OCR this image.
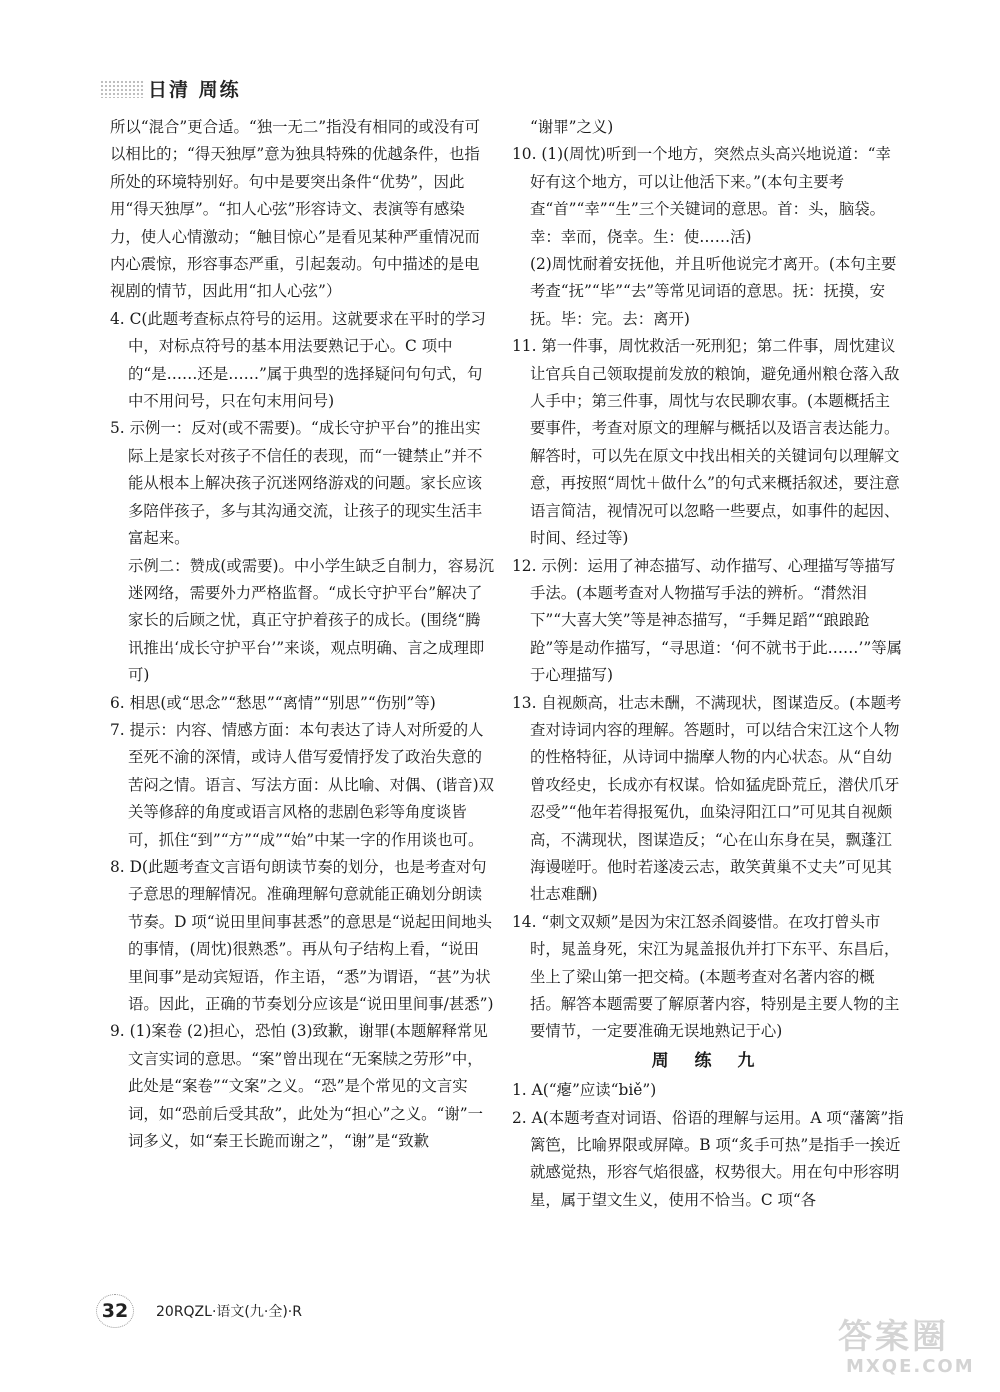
日清 周练

所以“混合”更合适。“独一无二”指没有相同的或没有可以相比的；“得天独厚”意为独具特殊的优越条件，也指所处的环境特别好。句中是要突出条件“优势”，因此用“得天独厚”。“扣人心弦”形容诗文、表演等有感染力，使人心情激动；“触目惊心”是看见某种严重情况而内心震惊，形容事态严重，引起轰动。句中描述的是电视剧的情节，因此用“扣人心弦”）

4. C(此题考查标点符号的运用。这就要求在平时的学习中，对标点符号的基本用法要熟记于心。C 项中的“是……还是……”属于典型的选择疑问句句式，句中不用问号，只在句末用问号)

5. 示例一：反对(或不需要)。“成长守护平台”的推出实际上是家长对孩子不信任的表现，而“一键禁止”并不能从根本上解决孩子沉迷网络游戏的问题。家长应该多陪伴孩子，多与其沟通交流，让孩子的现实生活丰富起来。

示例二：赞成(或需要)。中小学生缺乏自制力，容易沉迷网络，需要外力严格监督。“成长守护平台”解决了家长的后顾之忧，真正守护着孩子的成长。(围绕“腾讯推出‘成长守护平台’”来谈，观点明确、言之成理即可)

6. 相思(或“思念”“愁思”“离情”“别思”“伤别”等)

7. 提示：内容、情感方面：本句表达了诗人对所爱的人至死不渝的深情，或诗人借写爱情抒发了政治失意的苦闷之情。语言、写法方面：从比喻、对偶、(谐音)双关等修辞的角度或语言风格的悲剧色彩等角度谈皆可，抓住“到”“方”“成”“始”中某一字的作用谈也可。

8. D(此题考查文言语句朗读节奏的划分，也是考查对句子意思的理解情况。准确理解句意就能正确划分朗读节奏。D 项“说田里间事甚悉”的意思是“说起田间地头的事情，(周忱)很熟悉”。再从句子结构上看，“说田里间事”是动宾短语，作主语，“悉”为谓语，“甚”为状语。因此，正确的节奏划分应该是“说田里间事/甚悉”)

9. (1)案卷 (2)担心，恐怕 (3)致歉，谢罪(本题解释常见文言实词的意思。“案”曾出现在“无案牍之劳形”中，此处是“案卷”“文案”之义。“恐”是个常见的文言实词，如“恐前后受其敌”，此处为“担心”之义。“谢”一词多义，如“秦王长跪而谢之”，“谢”是“致歉

“谢罪”之义)

10. (1)(周忱)听到一个地方，突然点头高兴地说道：“幸好有这个地方，可以让他活下来。”(本句主要考查“首”“幸”“生”三个关键词的意思。首：头，脑袋。幸：幸而，侥幸。生：使……活)

(2)周忱耐着安抚他，并且听他说完才离开。(本句主要考查“抚”“毕”“去”等常见词语的意思。抚：抚摸，安抚。毕：完。去：离开)

11. 第一件事，周忱救活一死刑犯；第二件事，周忱建议让官兵自己领取提前发放的粮饷，避免通州粮仓落入敌人手中；第三件事，周忱与农民聊农事。(本题概括主要事件，考查对原文的理解与概括以及语言表达能力。解答时，可以先在原文中找出相关的关键词句以理解文意，再按照“周忱＋做什么”的句式来概括叙述，要注意语言简洁，视情况可以忽略一些要点，如事件的起因、时间、经过等)

12. 示例：运用了神态描写、动作描写、心理描写等描写手法。(本题考查对人物描写手法的辨析。“潸然泪下”“大喜大笑”等是神态描写，“手舞足蹈”“踉踉跄跄”等是动作描写，“寻思道：‘何不就书于此……’”等属于心理描写)

13. 自视颇高，壮志未酬，不满现状，图谋造反。(本题考查对诗词内容的理解。答题时，可以结合宋江这个人物的性格特征，从诗词中揣摩人物的内心状态。从“自幼曾攻经史，长成亦有权谋。恰如猛虎卧荒丘，潜伏爪牙忍受”“他年若得报冤仇，血染浔阳江口”可见其自视颇高，不满现状，图谋造反；“心在山东身在吴，飘蓬江海谩嗟吁。他时若遂凌云志，敢笑黄巢不丈夫”可见其壮志难酬)

14. “刺文双颊”是因为宋江怒杀阎婆惜。在攻打曾头市时，晁盖身死，宋江为晁盖报仇并打下东平、东昌后，坐上了梁山第一把交椅。(本题考查对名著内容的概括。解答本题需要了解原著内容，特别是主要人物的主要情节，一定要准确无误地熟记于心)

周 练 九

1. A(“瘪”应读“biě”)

2. A(本题考查对词语、俗语的理解与运用。A 项“藩篱”指篱笆，比喻界限或屏障。B 项“炙手可热”是指手一挨近就感觉热，形容气焰很盛，权势很大。用在句中形容明星，属于望文生义，使用不恰当。C 项“各

32	20RQZL·语文(九·全)·R
答案圈
MXQE.COM
